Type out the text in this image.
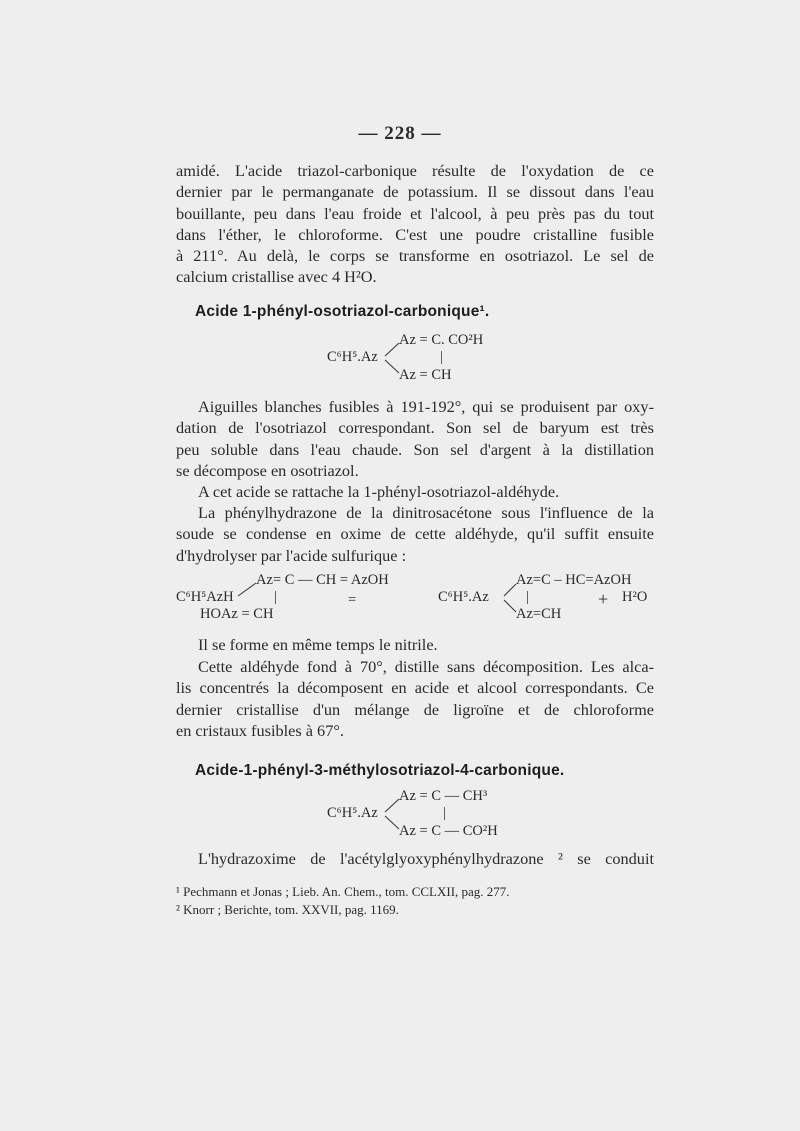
— 228 —
amidé. L'acide triazol-carbonique résulte de l'oxydation de ce
dernier par le permanganate de potassium. Il se dissout dans l'eau
bouillante, peu dans l'eau froide et l'alcool, à peu près pas du tout
dans l'éther, le chloroforme. C'est une poudre cristalline fusible
à 211°. Au delà, le corps se transforme en osotriazol. Le sel de
calcium cristallise avec 4 H²O.
Acide 1-phényl-osotriazol-carbonique¹.
Az = C. CO²H
C⁶H⁵.Az	|
Az = CH
Aiguilles blanches fusibles à 191-192°, qui se produisent par oxy-
dation de l'osotriazol correspondant. Son sel de baryum est très
peu soluble dans l'eau chaude. Son sel d'argent à la distillation
se décompose en osotriazol.
A cet acide se rattache la 1-phényl-osotriazol-aldéhyde.
La phénylhydrazone de la dinitrosacétone sous l'influence de la
soude se condense en oxime de cette aldéhyde, qu'il suffit ensuite
d'hydrolyser par l'acide sulfurique :
Az= C — CH = AzOH
C⁶H⁵AzH	|
HOAz = CH
=	C⁶H⁵.Az
Az=C – HC=AzOH
|
Az=CH
+ H²O
Il se forme en même temps le nitrile.
Cette aldéhyde fond à 70°, distille sans décomposition. Les alca-
lis concentrés la décomposent en acide et alcool correspondants. Ce
dernier cristallise d'un mélange de ligroïne et de chloroforme
en cristaux fusibles à 67°.
Acide-1-phényl-3-méthylosotriazol-4-carbonique.
Az = C — CH³
C⁶H⁵.Az	|
Az = C — CO²H
L'hydrazoxime de l'acétylglyoxyphénylhydrazone ² se conduit
¹ Pechmann et Jonas ; Lieb. An. Chem., tom. CCLXII, pag. 277.
² Knorr ; Berichte, tom. XXVII, pag. 1169.
